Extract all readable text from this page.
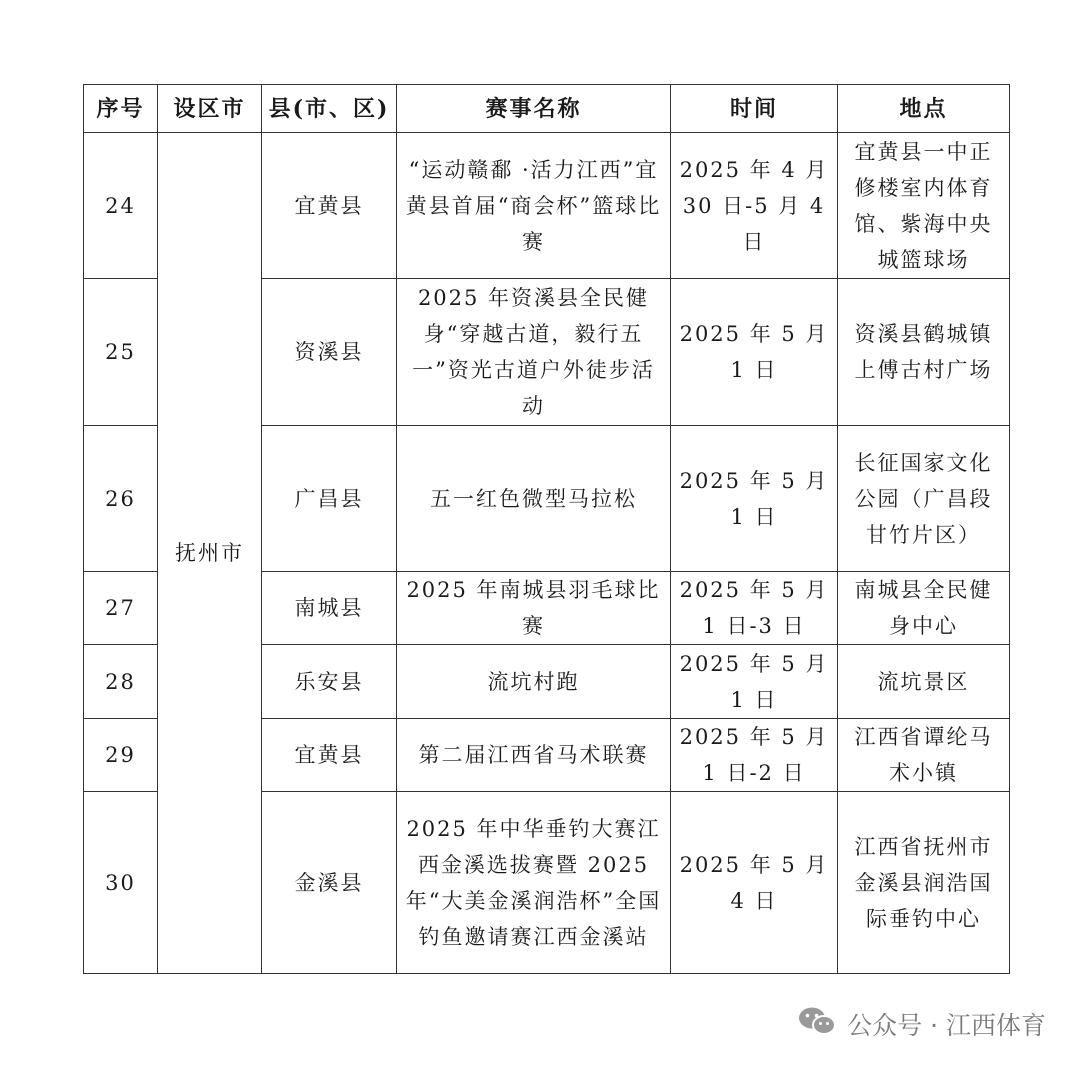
序号	设区市	县(市、区)	赛事名称	时间	地点
24	抚州市	宜黄县	“运动赣鄱 ·活力江西”宜黄县首届“商会杯”篮球比赛	2025 年 4 月 30 日-5 月 4 日	宜黄县一中正修楼室内体育馆、紫海中央城篮球场
25		资溪县	2025 年资溪县全民健身“穿越古道，毅行五一”资光古道户外徒步活动	2025 年 5 月 1 日	资溪县鹤城镇上傅古村广场
26		广昌县	五一红色微型马拉松	2025 年 5 月 1 日	长征国家文化公园（广昌段甘竹片区）
27		南城县	2025 年南城县羽毛球比赛	2025 年 5 月 1 日-3 日	南城县全民健身中心
28		乐安县	流坑村跑	2025 年 5 月 1 日	流坑景区
29		宜黄县	第二届江西省马术联赛	2025 年 5 月 1 日-2 日	江西省谭纶马术小镇
30		金溪县	2025 年中华垂钓大赛江西金溪选拔赛暨 2025 年“大美金溪润浩杯”全国钓鱼邀请赛江西金溪站	2025 年 5 月 4 日	江西省抚州市金溪县润浩国际垂钓中心
公众号 · 江西体育
